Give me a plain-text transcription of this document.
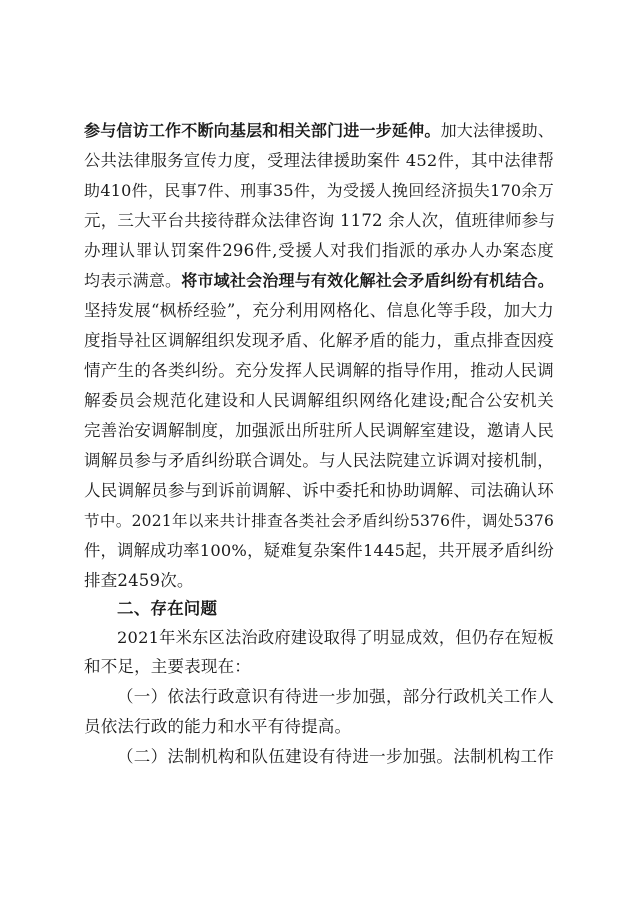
参与信访工作不断向基层和相关部门进一步延伸。加大法律援助、
公共法律服务宣传力度，受理法律援助案件 452件，其中法律帮
助410件，民事7件、刑事35件，为受援人挽回经济损失170余万
元，三大平台共接待群众法律咨询 1172 余人次，值班律师参与
办理认罪认罚案件296件,受援人对我们指派的承办人办案态度
均表示满意。将市域社会治理与有效化解社会矛盾纠纷有机结合。
坚持发展“枫桥经验”，充分利用网格化、信息化等手段，加大力
度指导社区调解组织发现矛盾、化解矛盾的能力，重点排查因疫
情产生的各类纠纷。充分发挥人民调解的指导作用，推动人民调
解委员会规范化建设和人民调解组织网络化建设;配合公安机关
完善治安调解制度，加强派出所驻所人民调解室建设，邀请人民
调解员参与矛盾纠纷联合调处。与人民法院建立诉调对接机制，
人民调解员参与到诉前调解、诉中委托和协助调解、司法确认环
节中。2021年以来共计排查各类社会矛盾纠纷5376件，调处5376
件，调解成功率100%，疑难复杂案件1445起，共开展矛盾纠纷
排查2459次。
二、存在问题
2021年米东区法治政府建设取得了明显成效，但仍存在短板
和不足，主要表现在：
（一）依法行政意识有待进一步加强，部分行政机关工作人
员依法行政的能力和水平有待提高。
（二）法制机构和队伍建设有待进一步加强。法制机构工作
